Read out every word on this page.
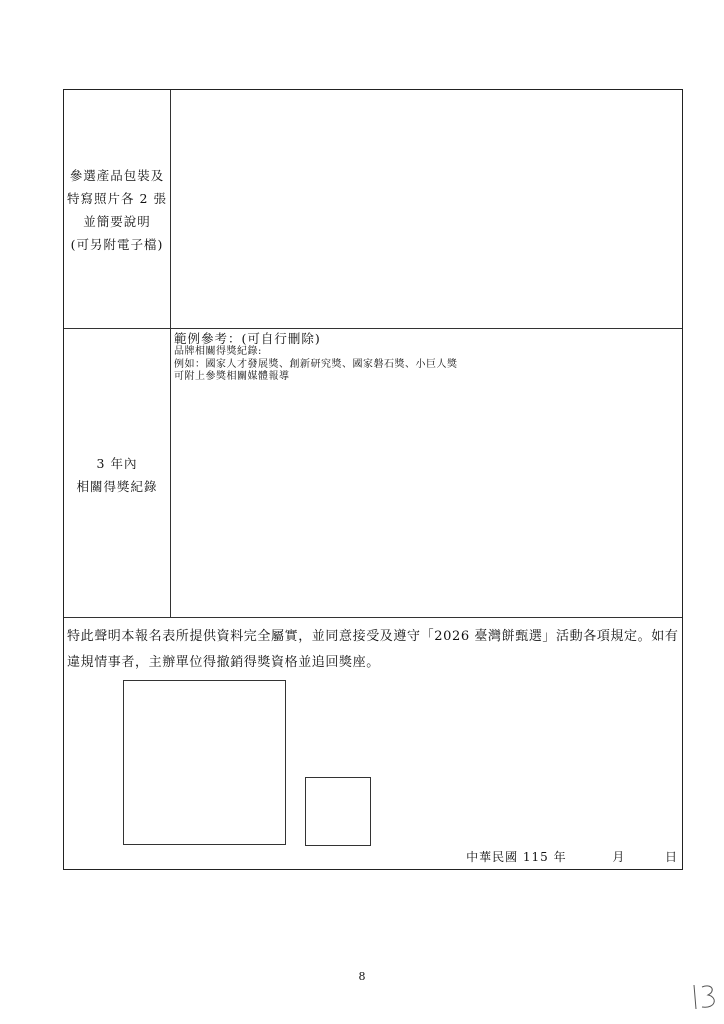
參選產品包裝及
特寫照片各 2 張
並簡要說明
(可另附電子檔)
3 年內
相關得獎紀錄
範例參考：(可自行刪除)
品牌相關得獎紀錄:
例如：國家人才發展獎、創新研究獎、國家磐石獎、小巨人獎
可附上參獎相關媒體報導
特此聲明本報名表所提供資料完全屬實，並同意接受及遵守「2026 臺灣餅甄選」活動各項規定。如有
違規情事者，主辦單位得撤銷得獎資格並追回獎座。
中華民國 115 年	月	日
8
